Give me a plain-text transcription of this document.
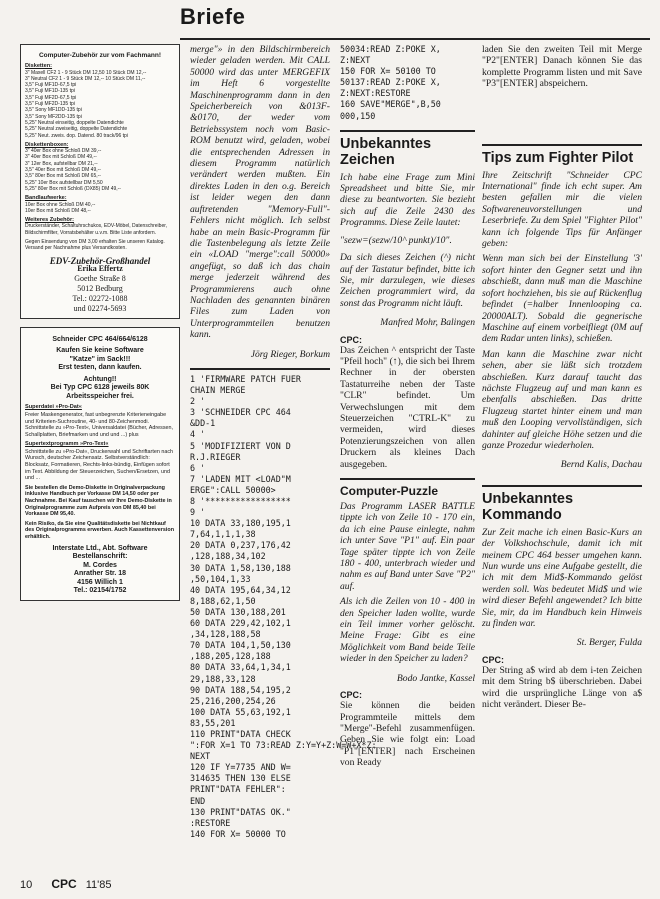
Briefe
Computer-Zubehör zur vom Fachmann!
Disketten:
3" Maxell CF2 1 - 9 Stück DM 12,50 10 Stück DM 12,--
3" Neutral CF2 1 - 9 Stück DM 12,-- 10 Stück DM 11,--
3,5" Fuji MF1D-67,5 tpi
3,5" Fuji MF1D-135 tpi
3,5" Fuji MF2D-67,5 tpi
3,5" Fuji MF2D-135 tpi
3,5" Sony MF1DD-135 tpi
3,5" Sony MF2DD-135 tpi
5,25" Neutral einseitig, doppelte Datendichte
5,25" Neutral zweiseitig, doppelte Datendichte
5,25" Neut. zweis. dop. Datend. 80 track/96 tpi
Diskettenboxen:
3" 40er Box ohne Schloß DM 39,--
3" 40er Box mit Schloß DM 49,--
3" 12er Box, aufstellbar DM 21,--
3,5" 40er Box mit Schloß DM 49,--
3,5" 80er Box mit Schloß DM 65,--
5,25" 10er Box aufstellbar DM 5,50
5,25" 80er Box mit Schloß (DX85) DM 49,--
Bandlaufwerke:
10er Box ohne Schloß DM 40,--
10er Box mit Schloß DM 48,--
Weiteres Zubehör:
Druckerständer, Schaltuhrschukos, EDV-Möbel, Datenschreiber, Bildschirmfilter, Vorratsbehälter u.v.m. Bitte Liste anfordern.
Gegen Einsendung von DM 3,00 erhalten Sie unseren Katalog. Versand per Nachnahme plus Versandkosten.
EDV-Zubehör-Großhandel
Erika Effertz
Goethe Straße 8
5012 Bedburg
Tel.: 02272-1088
und 02274-5693
Schneider CPC 464/664/6128
Kaufen Sie keine Software
"Katze" im Sack!!!
Erst testen, dann kaufen.
Achtung!!
Bei Typ CPC 6128 jeweils 80K Arbeitsspeicher frei.
Superdatei »Pro-Dat«
Freier Maskengenerator, fast unbegrenzte Kriterieneingabe und Kriterien-Suchroutine, 40- und 80-Zeichenmodi. Schnittstelle zu »Pro-Text«, Universaldatei (Bücher, Adressen, Schallplatten, Briefmarken und und und ...) plus
Supertextprogramm »Pro-Text«
Schnittstelle zu »Pro-Dat«, Druckerwahl und Schriftarten nach Wunsch, deutscher Zeichensatz. Selbstverständlich: Blocksatz, Formatieren, Rechts-links-bündig, Einfügen sofort im Text. Abbildung der Steuerzeichen, Suchen/Ersetzen, und und ...
Sie bestellen die Demo-Diskette in Originalverpackung inklusive Handbuch per Vorkasse DM 14,50 oder per Nachnahme. Bei Kauf tauschen wir Ihre Demo-Diskette in Originalprogramme zum Aufpreis von DM 85,40 bei Vorkasse DM 95,40.
Kein Risiko, da Sie eine Qualitätsdiskette bei Nichtkauf des Originalprogramms erwerben. Auch Kassettenversion erhältlich.
Interstate Ltd., Abt. Software
Bestellanschrift:
M. Cordes
Anrather Str. 18
4156 Willich 1
Tel.: 02154/1752
merge"» in den Bildschirmbereich wieder geladen werden. Mit CALL 50000 wird das unter MERGEFIX im Heft 6 vorgestellte Maschinenprogramm dann in den Speicherbereich von &013F-&0170, der weder vom Betriebssystem noch vom Basic-ROM benutzt wird, geladen, wobei die entsprechenden Adressen in diesem Programm natürlich verändert werden mußten. Ein direktes Laden in den o.g. Bereich ist leider wegen den dann auftretenden "Memory-Full"-Fehlers nicht möglich. Ich selbst habe an mein Basic-Programm für die Tastenbelegung als letzte Zeile ein «LOAD "merge":call 50000» angefügt, so daß ich das chain merge jederzeit während des Programmierens auch ohne Nachladen des genannten binären Files zum Laden von Unterprogrammteilen benutzen kann.
Jörg Rieger, Borkum
1 'FIRMWARE PATCH FUER
CHAIN MERGE
2 '
3 'SCHNEIDER CPC 464
&DD-1
4 '
5 'MODIFIZIERT VON D
R.J.RIEGER
6 '
7 'LADEN MIT <LOAD"M
ERGE":CALL 50000>
8 '*****************
9 '
10 DATA 33,180,195,1
7,64,1,1,1,38
20 DATA 0,237,176,42
,128,188,34,102
30 DATA 1,58,130,188
,50,104,1,33
40 DATA 195,64,34,12
8,188,62,1,50
50 DATA 130,188,201
60 DATA 229,42,102,1
,34,128,188,58
70 DATA 104,1,50,130
,188,205,128,188
80 DATA 33,64,1,34,1
29,188,33,128
90 DATA 188,54,195,2
25,216,200,254,26
100 DATA 55,63,192,1
83,55,201
110 PRINT"DATA CHECK
":FOR X=1 TO 73:READ Z:Y=Y+Z:W=W+X*Z:
NEXT
120 IF Y=7735 AND W=
314635 THEN 130 ELSE
PRINT"DATA FEHLER":
END
130 PRINT"DATAS OK."
:RESTORE
140 FOR X= 50000 TO
50034:READ Z:POKE X,
Z:NEXT
150 FOR X= 50100 TO
50137:READ Z:POKE X,
Z:NEXT:RESTORE
160 SAVE"MERGE",B,50
000,150
Unbekanntes Zeichen
Ich habe eine Frage zum Mini Spreadsheet und bitte Sie, mir diese zu beantworten. Sie bezieht sich auf die Zeile 2430 des Programms. Diese Zeile lautet:
"sezw=(sezw/10^ punkt)/10".
Da sich dieses Zeichen (^) nicht auf der Tastatur befindet, bitte ich Sie, mir darzulegen, wie dieses Zeichen programmiert wird, da sonst das Programm nicht läuft.
Manfred Mohr, Balingen
CPC:
Das Zeichen ^ entspricht der Taste "Pfeil hoch" (↑), die sich bei Ihrem Rechner in der obersten Tastaturreihe neben der Taste "CLR" befindet. Um Verwechslungen mit dem Steuerzeichen "CTRL-K" zu vermeiden, wird dieses Potenzierungszeichen von allen Druckern als kleines Dach ausgegeben.
Computer-Puzzle
Das Programm LASER BATTLE tippte ich von Zeile 10 - 170 ein, da ich eine Pause einlegte, nahm ich unter Save "P1" auf. Ein paar Tage später tippte ich von Zeile 180 - 400, unterbrach wieder und nahm es auf Band unter Save "P2" auf.
Als ich die Zeilen von 10 - 400 in den Speicher laden wollte, wurde ein Teil immer vorher gelöscht. Meine Frage: Gibt es eine Möglichkeit vom Band beide Teile wieder in den Speicher zu laden?
Bodo Jantke, Kassel
CPC:
Sie können die beiden Programmteile mittels dem "Merge"-Befehl zusammenfügen. Geben Sie wie folgt ein: Load "P1"[ENTER] nach Erscheinen von Ready
laden Sie den zweiten Teil mit Merge "P2"[ENTER] Danach können Sie das komplette Programm listen und mit Save "P3"[ENTER] abspeichern.
Tips zum Fighter Pilot
Ihre Zeitschrift "Schneider CPC International" finde ich echt super. Am besten gefallen mir die vielen Softwareneuvorstellungen und Leserbriefe. Zu dem Spiel "Fighter Pilot" kann ich folgende Tips für Anfänger geben:
Wenn man sich bei der Einstellung '3' sofort hinter den Gegner setzt und ihn abschießt, dann muß man die Maschine sofort hochziehen, bis sie auf Rückenflug befindet (=halber Innenlooping ca. 20000ALT). Sobald die gegnerische Maschine auf einem vorbeifliegt (0M auf dem Radar unten links), schießen.
Man kann die Maschine zwar nicht sehen, aber sie läßt sich trotzdem abschießen. Kurz darauf taucht das nächste Flugzeug auf und man kann es ebenfalls abschießen. Das dritte Flugzeug startet hinter einem und man muß den Looping vervollständigen, sich dahinter auf gleiche Höhe setzen und die ganze Prozedur wiederholen.
Bernd Kalis, Dachau
Unbekanntes Kommando
Zur Zeit mache ich einen Basic-Kurs an der Volkshochschule, damit ich mit meinem CPC 464 besser umgehen kann. Nun wurde uns eine Aufgabe gestellt, die ich mit dem Mid$-Kommando gelöst werden soll. Was bedeutet Mid$ und wie wird dieser Befehl angewendet? Ich bitte Sie, mir, da im Handbuch kein Hinweis zu finden war.
St. Berger, Fulda
CPC:
Der String a$ wird ab dem i-ten Zeichen mit dem String b$ überschrieben. Dabei wird die ursprüngliche Länge von a$ nicht verändert. Dieser Be-
10 CPC 11'85
